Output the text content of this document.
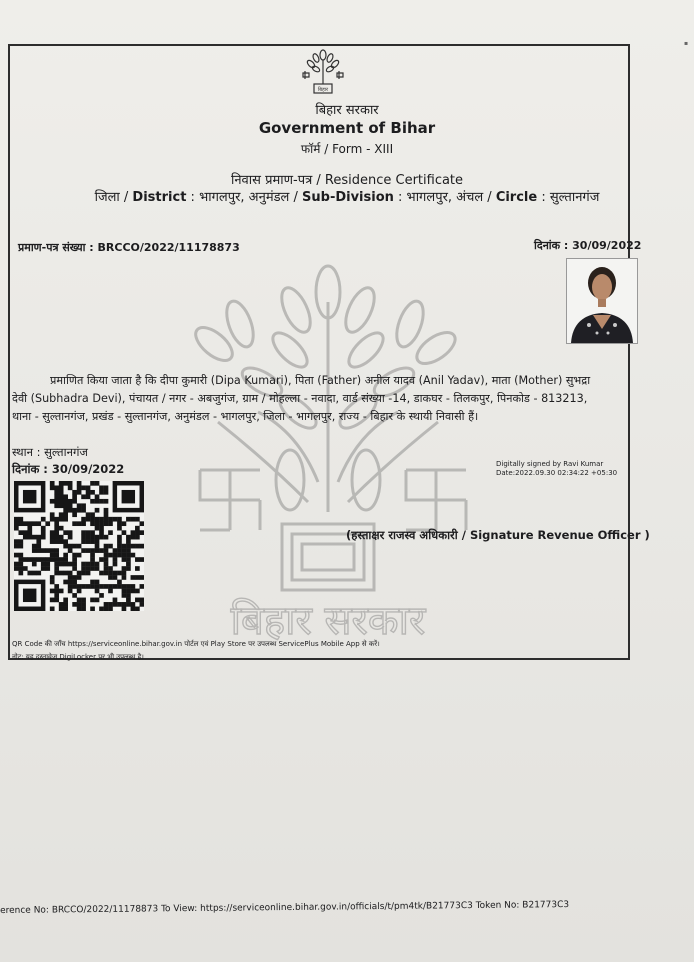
▪
बिहार
बिहार सरकार
Government of Bihar
फॉर्म / Form - XIII
निवास प्रमाण-पत्र / Residence Certificate
जिला / District : भागलपुर, अनुमंडल / Sub-Division : भागलपुर, अंचल / Circle : सुल्तानगंज
प्रमाण-पत्र संख्या : BRCCO/2022/11178873	दिनांक : 30/09/2022
बिहार सरकार
प्रमाणित किया जाता है कि दीपा कुमारी (Dipa Kumari), पिता (Father) अनील यादव (Anil Yadav), माता (Mother) सुभद्रा
देवी (Subhadra Devi), पंचायत / नगर - अबजुगंज, ग्राम / मोहल्ला - नवादा, वार्ड संख्या -14, डाकघर - तिलकपुर, पिनकोड - 813213,
थाना - सुल्तानगंज, प्रखंड - सुल्तानगंज, अनुमंडल - भागलपुर, जिला - भागलपुर, राज्य - बिहार के स्थायी निवासी हैं।
स्थान : सुल्तानगंज
दिनांक : 30/09/2022	Digitally signed by Ravi Kumar
Date:2022.09.30 02:34:22 +05:30
(हस्ताक्षर राजस्व अधिकारी / Signature Revenue Officer )
QR Code की जाँच https://serviceonline.bihar.gov.in पोर्टल एवं Play Store पर उपलब्ध ServicePlus Mobile App से करें।
नोट: यह दस्तावेज DigiLocker पर भी उपलब्ध है।
erence No: BRCCO/2022/11178873 To View: https://serviceonline.bihar.gov.in/officials/t/pm4tk/B21773C3 Token No: B21773C3
